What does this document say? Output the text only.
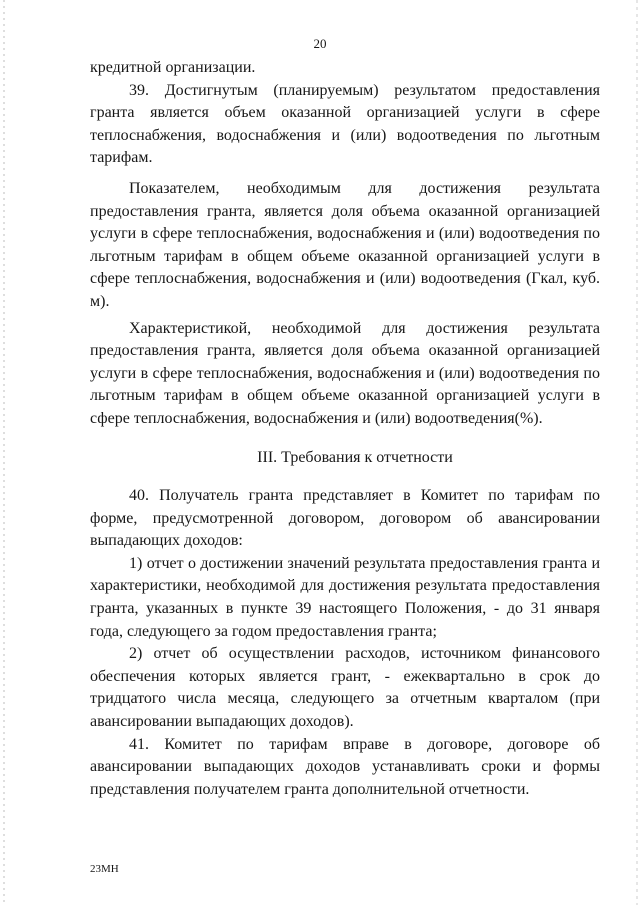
20

кредитной организации.

39. Достигнутым (планируемым) результатом предоставления гранта является объем оказанной организацией услуги в сфере теплоснабжения, водоснабжения и (или) водоотведения по льготным тарифам.

Показателем, необходимым для достижения результата предоставления гранта, является доля объема оказанной организацией услуги в сфере теплоснабжения, водоснабжения и (или) водоотведения по льготным тарифам в общем объеме оказанной организацией услуги в сфере теплоснабжения, водоснабжения и (или) водоотведения (Гкал, куб. м).

Характеристикой, необходимой для достижения результата предоставления гранта, является доля объема оказанной организацией услуги в сфере теплоснабжения, водоснабжения и (или) водоотведения по льготным тарифам в общем объеме оказанной организацией услуги в сфере теплоснабжения, водоснабжения и (или) водоотведения(%).

III. Требования к отчетности

40. Получатель гранта представляет в Комитет по тарифам по форме, предусмотренной договором, договором об авансировании выпадающих доходов:

1) отчет о достижении значений результата предоставления гранта и характеристики, необходимой для достижения результата предоставления гранта, указанных в пункте 39 настоящего Положения, - до 31 января года, следующего за годом предоставления гранта;

2) отчет об осуществлении расходов, источником финансового обеспечения которых является грант, - ежеквартально в срок до тридцатого числа месяца, следующего за отчетным кварталом (при авансировании выпадающих доходов).

41. Комитет по тарифам вправе в договоре, договоре об авансировании выпадающих доходов устанавливать сроки и формы представления получателем гранта дополнительной отчетности.

23МН
